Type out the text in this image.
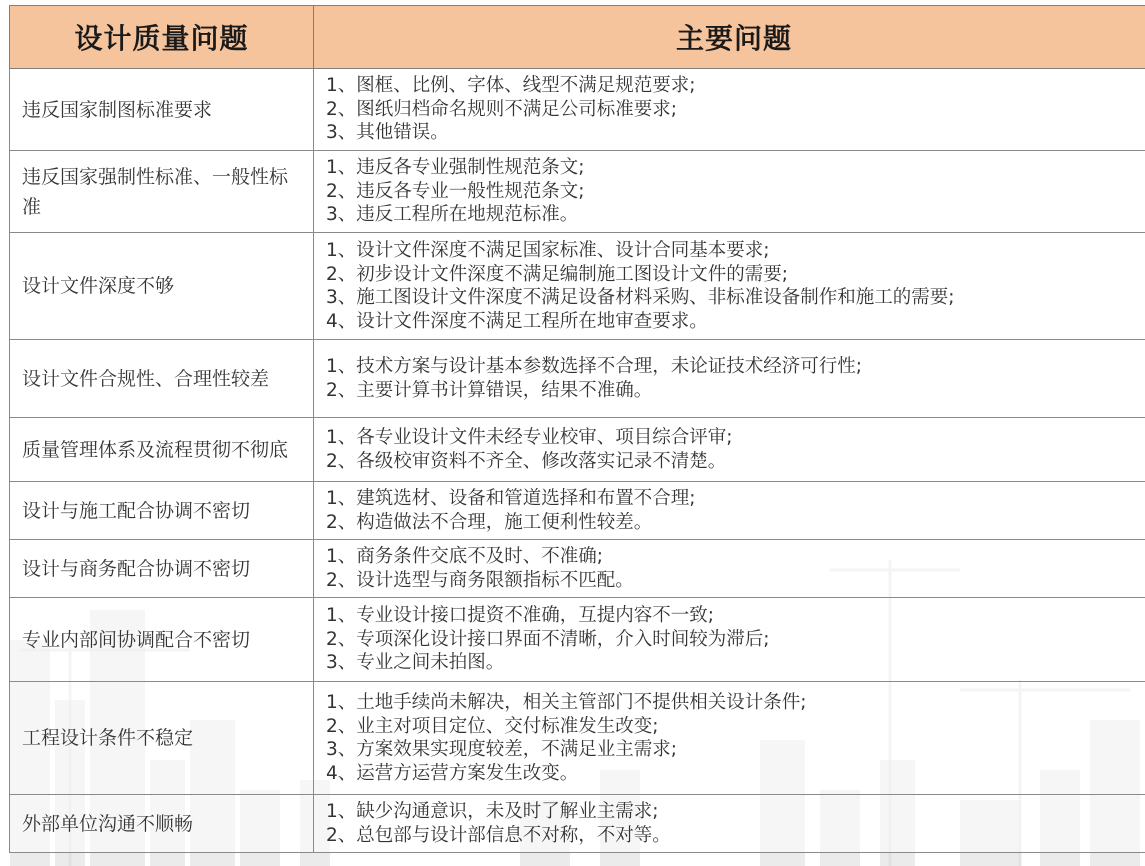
设计质量问题	主要问题
违反国家制图标准要求	1、图框、比例、字体、线型不满足规范要求;
2、图纸归档命名规则不满足公司标准要求;
3、其他错误。

违反国家强制性标准、一般性标准	1、违反各专业强制性规范条文;
2、违反各专业一般性规范条文;
3、违反工程所在地规范标准。

设计文件深度不够	1、设计文件深度不满足国家标准、设计合同基本要求;
2、初步设计文件深度不满足编制施工图设计文件的需要;
3、施工图设计文件深度不满足设备材料采购、非标准设备制作和施工的需要;
4、设计文件深度不满足工程所在地审查要求。

设计文件合规性、合理性较差	1、技术方案与设计基本参数选择不合理，未论证技术经济可行性;
2、主要计算书计算错误，结果不准确。

质量管理体系及流程贯彻不彻底	1、各专业设计文件未经专业校审、项目综合评审;
2、各级校审资料不齐全、修改落实记录不清楚。

设计与施工配合协调不密切	1、建筑选材、设备和管道选择和布置不合理;
2、构造做法不合理，施工便利性较差。

设计与商务配合协调不密切	1、商务条件交底不及时、不准确;
2、设计选型与商务限额指标不匹配。

专业内部间协调配合不密切	1、专业设计接口提资不准确，互提内容不一致;
2、专项深化设计接口界面不清晰，介入时间较为滞后;
3、专业之间未拍图。

工程设计条件不稳定	1、土地手续尚未解决，相关主管部门不提供相关设计条件;
2、业主对项目定位、交付标准发生改变;
3、方案效果实现度较差，不满足业主需求;
4、运营方运营方案发生改变。

外部单位沟通不顺畅	1、缺少沟通意识，未及时了解业主需求;
2、总包部与设计部信息不对称，不对等。
